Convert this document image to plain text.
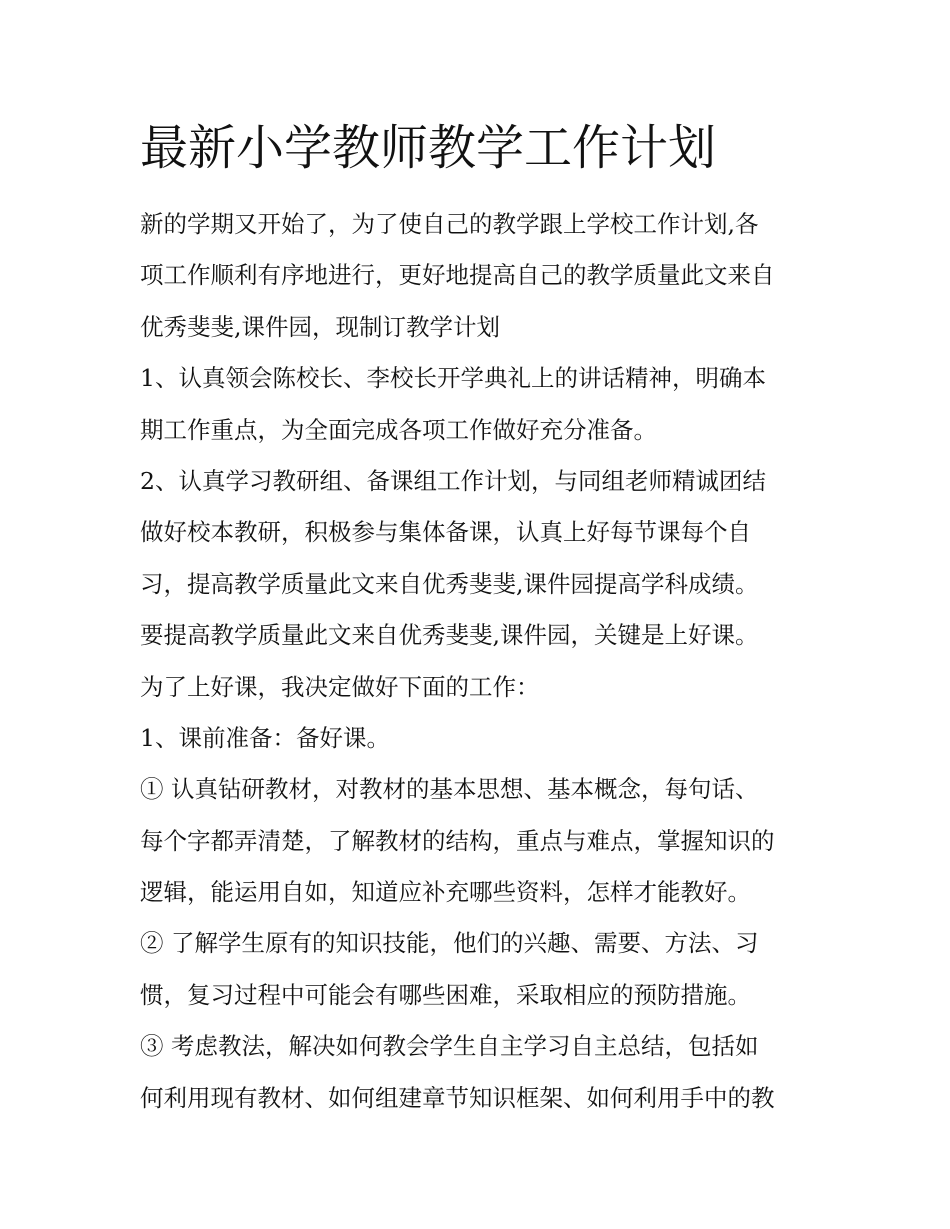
最新小学教师教学工作计划

新的学期又开始了，为了使自己的教学跟上学校工作计划,各

项工作顺利有序地进行，更好地提高自己的教学质量此文来自

优秀斐斐,课件园，现制订教学计划

1、认真领会陈校长、李校长开学典礼上的讲话精神，明确本

期工作重点，为全面完成各项工作做好充分准备。

2、认真学习教研组、备课组工作计划，与同组老师精诚团结

做好校本教研，积极参与集体备课，认真上好每节课每个自

习，提高教学质量此文来自优秀斐斐,课件园提高学科成绩。

要提高教学质量此文来自优秀斐斐,课件园，关键是上好课。

为了上好课，我决定做好下面的工作：

1、课前准备：备好课。

① 认真钻研教材，对教材的基本思想、基本概念，每句话、

每个字都弄清楚，了解教材的结构，重点与难点，掌握知识的

逻辑，能运用自如，知道应补充哪些资料，怎样才能教好。

② 了解学生原有的知识技能，他们的兴趣、需要、方法、习

惯，复习过程中可能会有哪些困难，采取相应的预防措施。

③ 考虑教法，解决如何教会学生自主学习自主总结，包括如

何利用现有教材、如何组建章节知识框架、如何利用手中的教
